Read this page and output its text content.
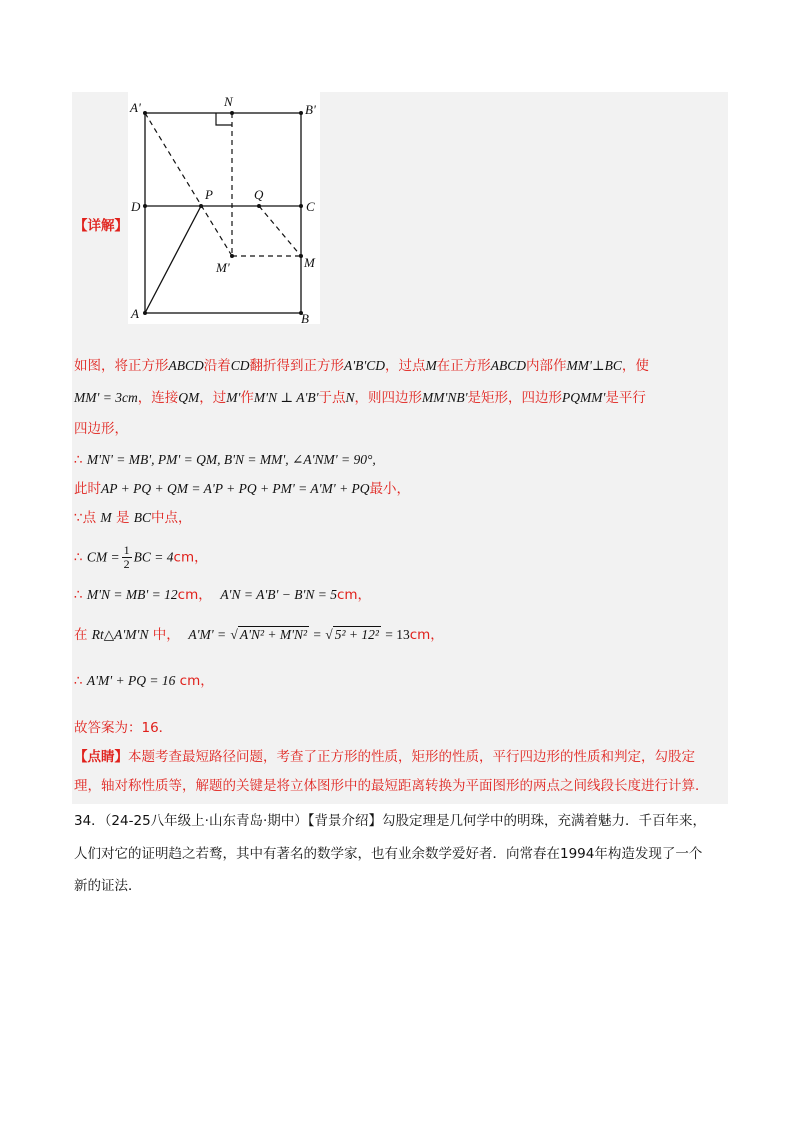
A'	N
B'
D
P	Q
C
M'	M
A	B
【详解】
如图，将正方形ABCD沿着CD翻折得到正方形A'B'CD，过点M在正方形ABCD内部作MM'⊥BC，使
MM' = 3cm，连接QM，过M'作M'N ⊥ A'B'于点N，则四边形MM'NB'是矩形，四边形PQMM'是平行
四边形，
∴ M'N' = MB', PM' = QM, B'N = MM', ∠A'NM' = 90°,
此时AP + PQ + QM = A'P + PQ + PM' = A'M' + PQ最小，
∵点 M 是 BC中点，
∴ CM = $\frac{1}{2}$ BC = 4cm，
∴ M'N = MB' = 12cm， A'N = A'B' − B'N = 5cm，
在 Rt△A'M'N 中， A'M' = √ A'N² + M'N² = √ 5² + 12² = 13cm，
∴ A'M' + PQ = 16 cm，
故答案为：16．
【点睛】本题考查最短路径问题，考查了正方形的性质，矩形的性质，平行四边形的性质和判定，勾股定
理，轴对称性质等，解题的关键是将立体图形中的最短距离转换为平面图形的两点之间线段长度进行计算．
34．（24-25八年级上·山东青岛·期中）【背景介绍】勾股定理是几何学中的明珠，充满着魅力．千百年来，
人们对它的证明趋之若鹜，其中有著名的数学家，也有业余数学爱好者．向常春在1994年构造发现了一个
新的证法．
